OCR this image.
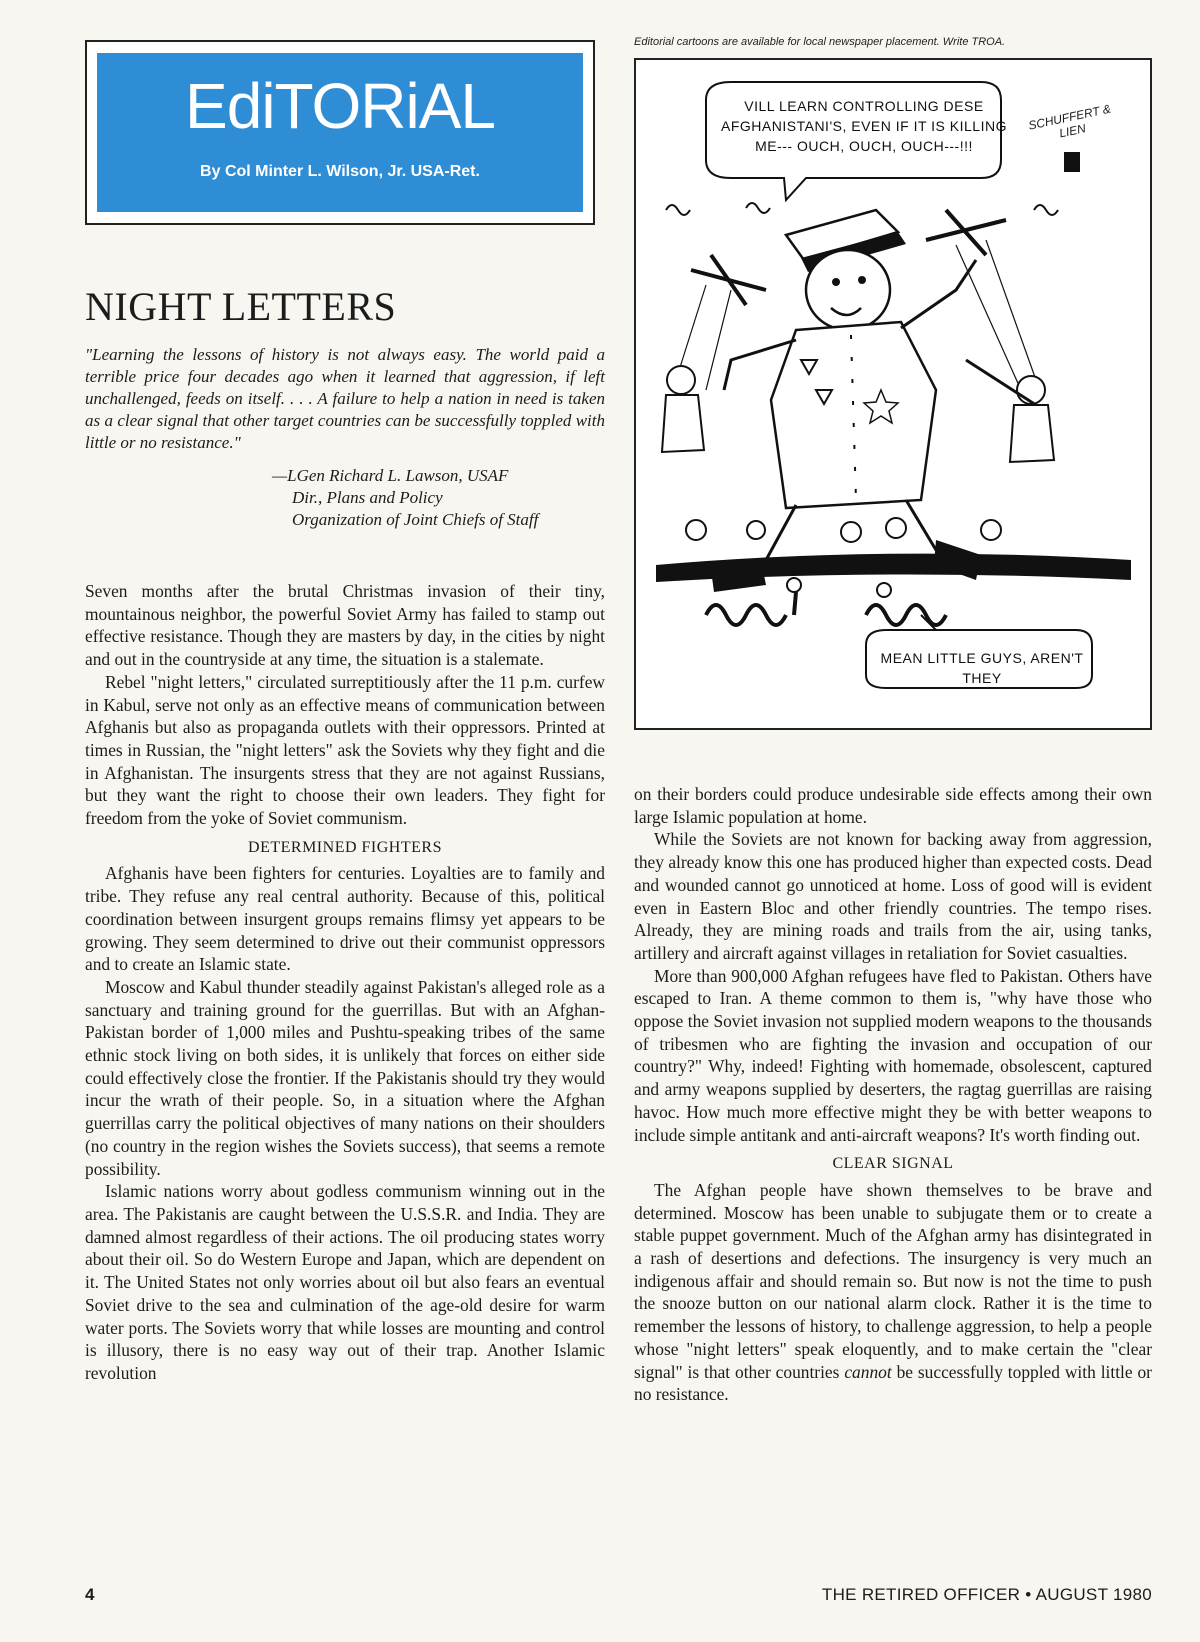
EdiTORiAL
By Col Minter L. Wilson, Jr. USA-Ret.
Editorial cartoons are available for local newspaper placement. Write TROA.
VILL LEARN CONTROLLING DESE AFGHANISTANI'S, EVEN IF IT IS KILLING ME--- OUCH, OUCH, OUCH---!!!
MEAN LITTLE GUYS, AREN'T THEY
SCHUFFERT & LIEN
NIGHT LETTERS
"Learning the lessons of history is not always easy. The world paid a terrible price four decades ago when it learned that aggression, if left unchallenged, feeds on itself. . . . A failure to help a nation in need is taken as a clear signal that other target countries can be successfully toppled with little or no resistance."
—LGen Richard L. Lawson, USAF
Dir., Plans and Policy
Organization of Joint Chiefs of Staff

Seven months after the brutal Christmas invasion of their tiny, mountainous neighbor, the powerful Soviet Army has failed to stamp out effective resistance. Though they are masters by day, in the cities by night and out in the countryside at any time, the situation is a stalemate.

Rebel "night letters," circulated surreptitiously after the 11 p.m. curfew in Kabul, serve not only as an effective means of communication between Afghanis but also as propaganda outlets with their oppressors. Printed at times in Russian, the "night letters" ask the Soviets why they fight and die in Afghanistan. The insurgents stress that they are not against Russians, but they want the right to choose their own leaders. They fight for freedom from the yoke of Soviet communism.

DETERMINED FIGHTERS

Afghanis have been fighters for centuries. Loyalties are to family and tribe. They refuse any real central authority. Because of this, political coordination between insurgent groups remains flimsy yet appears to be growing. They seem determined to drive out their communist oppressors and to create an Islamic state.

Moscow and Kabul thunder steadily against Pakistan's alleged role as a sanctuary and training ground for the guerrillas. But with an Afghan-Pakistan border of 1,000 miles and Pushtu-speaking tribes of the same ethnic stock living on both sides, it is unlikely that forces on either side could effectively close the frontier. If the Pakistanis should try they would incur the wrath of their people. So, in a situation where the Afghan guerrillas carry the political objectives of many nations on their shoulders (no country in the region wishes the Soviets success), that seems a remote possibility.

Islamic nations worry about godless communism winning out in the area. The Pakistanis are caught between the U.S.S.R. and India. They are damned almost regardless of their actions. The oil producing states worry about their oil. So do Western Europe and Japan, which are dependent on it. The United States not only worries about oil but also fears an eventual Soviet drive to the sea and culmination of the age-old desire for warm water ports. The Soviets worry that while losses are mounting and control is illusory, there is no easy way out of their trap. Another Islamic revolution

on their borders could produce undesirable side effects among their own large Islamic population at home.

While the Soviets are not known for backing away from aggression, they already know this one has produced higher than expected costs. Dead and wounded cannot go unnoticed at home. Loss of good will is evident even in Eastern Bloc and other friendly countries. The tempo rises. Already, they are mining roads and trails from the air, using tanks, artillery and aircraft against villages in retaliation for Soviet casualties.

More than 900,000 Afghan refugees have fled to Pakistan. Others have escaped to Iran. A theme common to them is, "why have those who oppose the Soviet invasion not supplied modern weapons to the thousands of tribesmen who are fighting the invasion and occupation of our country?" Why, indeed! Fighting with homemade, obsolescent, captured and army weapons supplied by deserters, the ragtag guerrillas are raising havoc. How much more effective might they be with better weapons to include simple antitank and anti-aircraft weapons? It's worth finding out.

CLEAR SIGNAL

The Afghan people have shown themselves to be brave and determined. Moscow has been unable to subjugate them or to create a stable puppet government. Much of the Afghan army has disintegrated in a rash of desertions and defections. The insurgency is very much an indigenous affair and should remain so. But now is not the time to push the snooze button on our national alarm clock. Rather it is the time to remember the lessons of history, to challenge aggression, to help a people whose "night letters" speak eloquently, and to make certain the "clear signal" is that other countries cannot be successfully toppled with little or no resistance.

4	THE RETIRED OFFICER • AUGUST 1980
